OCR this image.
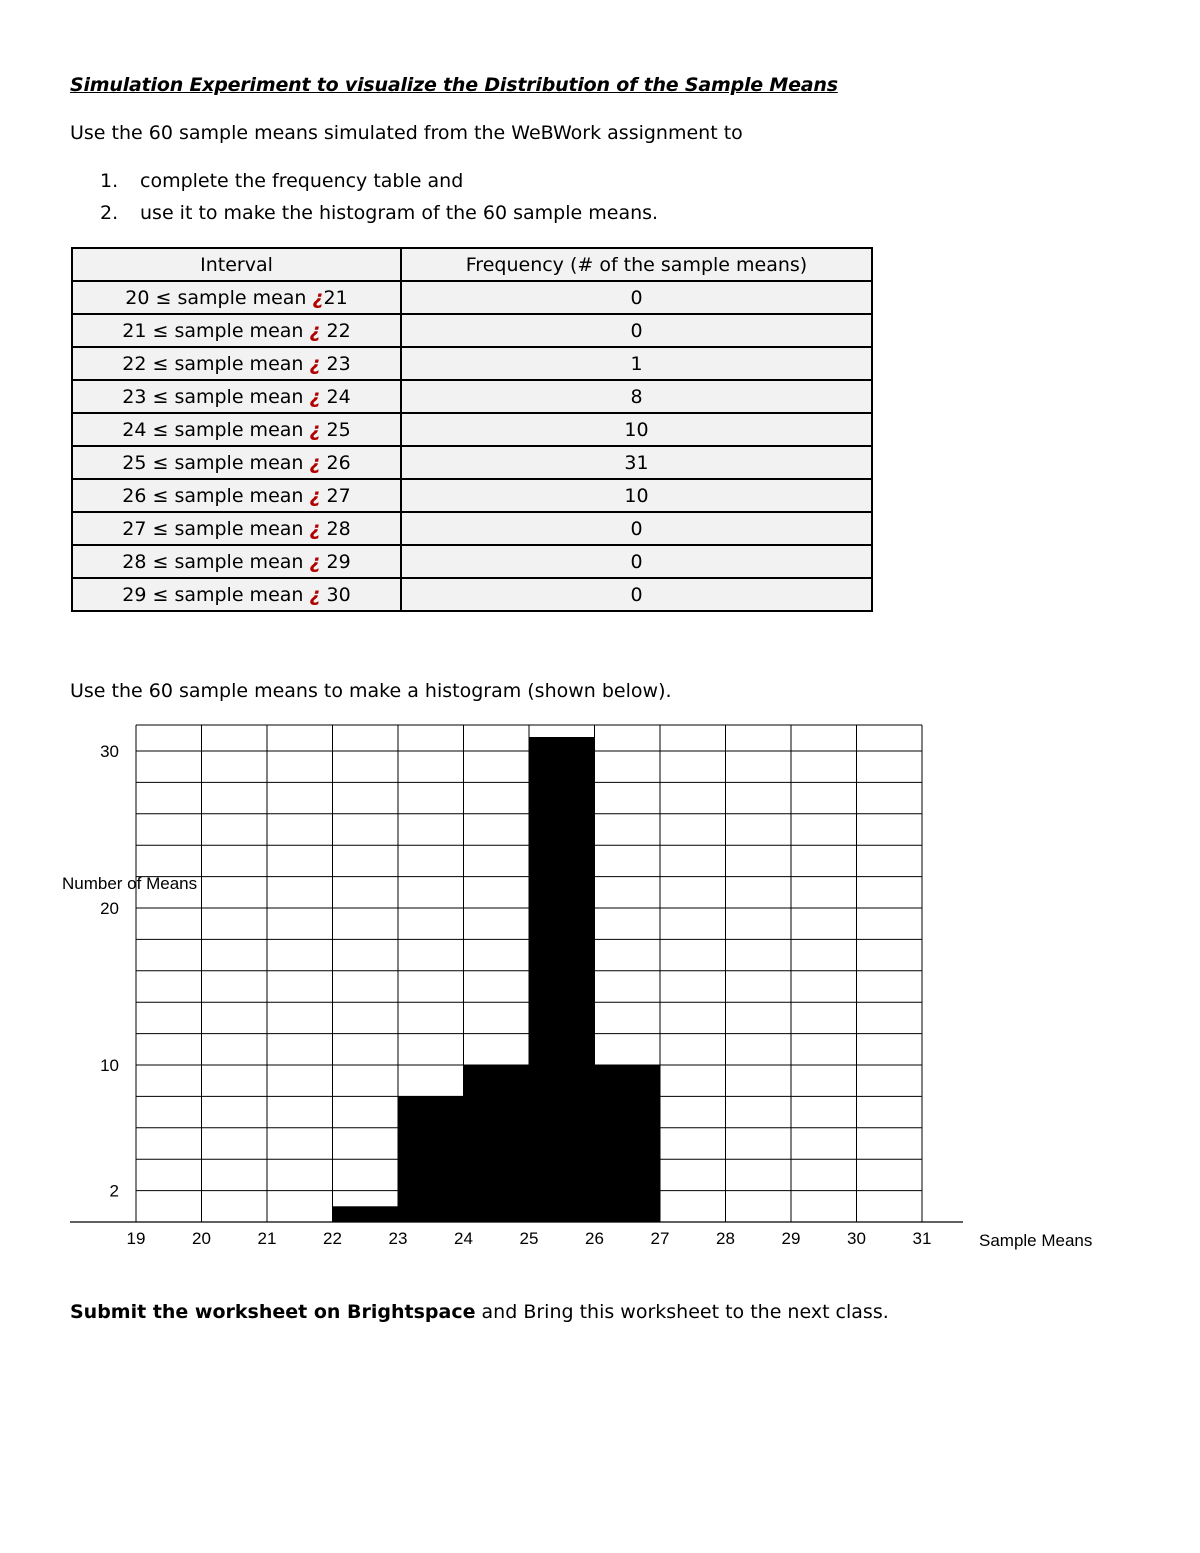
Simulation Experiment to visualize the Distribution of the Sample Means
Use the 60 sample means simulated from the WeBWork assignment to
1. complete the frequency table and
2. use it to make the histogram of the 60 sample means.
Interval	Frequency (# of the sample means)
20 ≤ sample mean ¿21	0
21 ≤ sample mean ¿ 22	0
22 ≤ sample mean ¿ 23	1
23 ≤ sample mean ¿ 24	8
24 ≤ sample mean ¿ 25	10
25 ≤ sample mean ¿ 26	31
26 ≤ sample mean ¿ 27	10
27 ≤ sample mean ¿ 28	0
28 ≤ sample mean ¿ 29	0
29 ≤ sample mean ¿ 30	0
Use the 60 sample means to make a histogram (shown below).
19	20	21	22	23	24	25	26	27	28	29	30	31
2
10
20
30
Sample Means
Number of Means
Submit the worksheet on Brightspace and Bring this worksheet to the next class.
